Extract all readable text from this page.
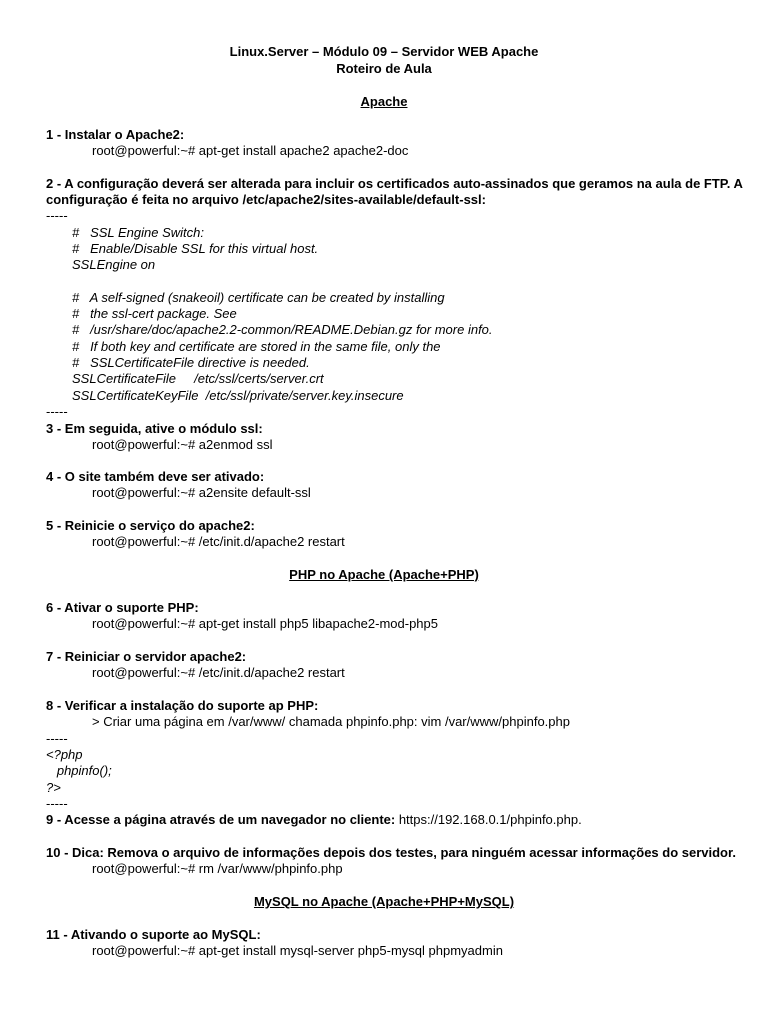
Linux.Server – Módulo 09 – Servidor WEB Apache
Roteiro de Aula
Apache
1 - Instalar o Apache2:
root@powerful:~# apt-get install apache2 apache2-doc
2 - A configuração deverá ser alterada para incluir os certificados auto-assinados que geramos na aula de FTP. A
configuração é feita no arquivo /etc/apache2/sites-available/default-ssl:
-----
#   SSL Engine Switch:
#   Enable/Disable SSL for this virtual host.
SSLEngine on
#   A self-signed (snakeoil) certificate can be created by installing
#   the ssl-cert package. See
#   /usr/share/doc/apache2.2-common/README.Debian.gz for more info.
#   If both key and certificate are stored in the same file, only the
#   SSLCertificateFile directive is needed.
SSLCertificateFile     /etc/ssl/certs/server.crt
SSLCertificateKeyFile  /etc/ssl/private/server.key.insecure
-----
3 - Em seguida, ative o módulo ssl:
root@powerful:~# a2enmod ssl
4 - O site também deve ser ativado:
root@powerful:~# a2ensite default-ssl
5 - Reinicie o serviço do apache2:
root@powerful:~# /etc/init.d/apache2 restart
PHP no Apache (Apache+PHP)
6 - Ativar o suporte PHP:
root@powerful:~# apt-get install php5 libapache2-mod-php5
7 - Reiniciar o servidor apache2:
root@powerful:~# /etc/init.d/apache2 restart
8 - Verificar a instalação do suporte ap PHP:
> Criar uma página em /var/www/ chamada phpinfo.php: vim /var/www/phpinfo.php
-----
<?php
phpinfo();
?>
-----
9 - Acesse a página através de um navegador no cliente: https://192.168.0.1/phpinfo.php.
10 - Dica: Remova o arquivo de informações depois dos testes, para ninguém acessar informações do servidor.
root@powerful:~# rm /var/www/phpinfo.php
MySQL no Apache (Apache+PHP+MySQL)
11 - Ativando o suporte ao MySQL:
root@powerful:~# apt-get install mysql-server php5-mysql phpmyadmin
